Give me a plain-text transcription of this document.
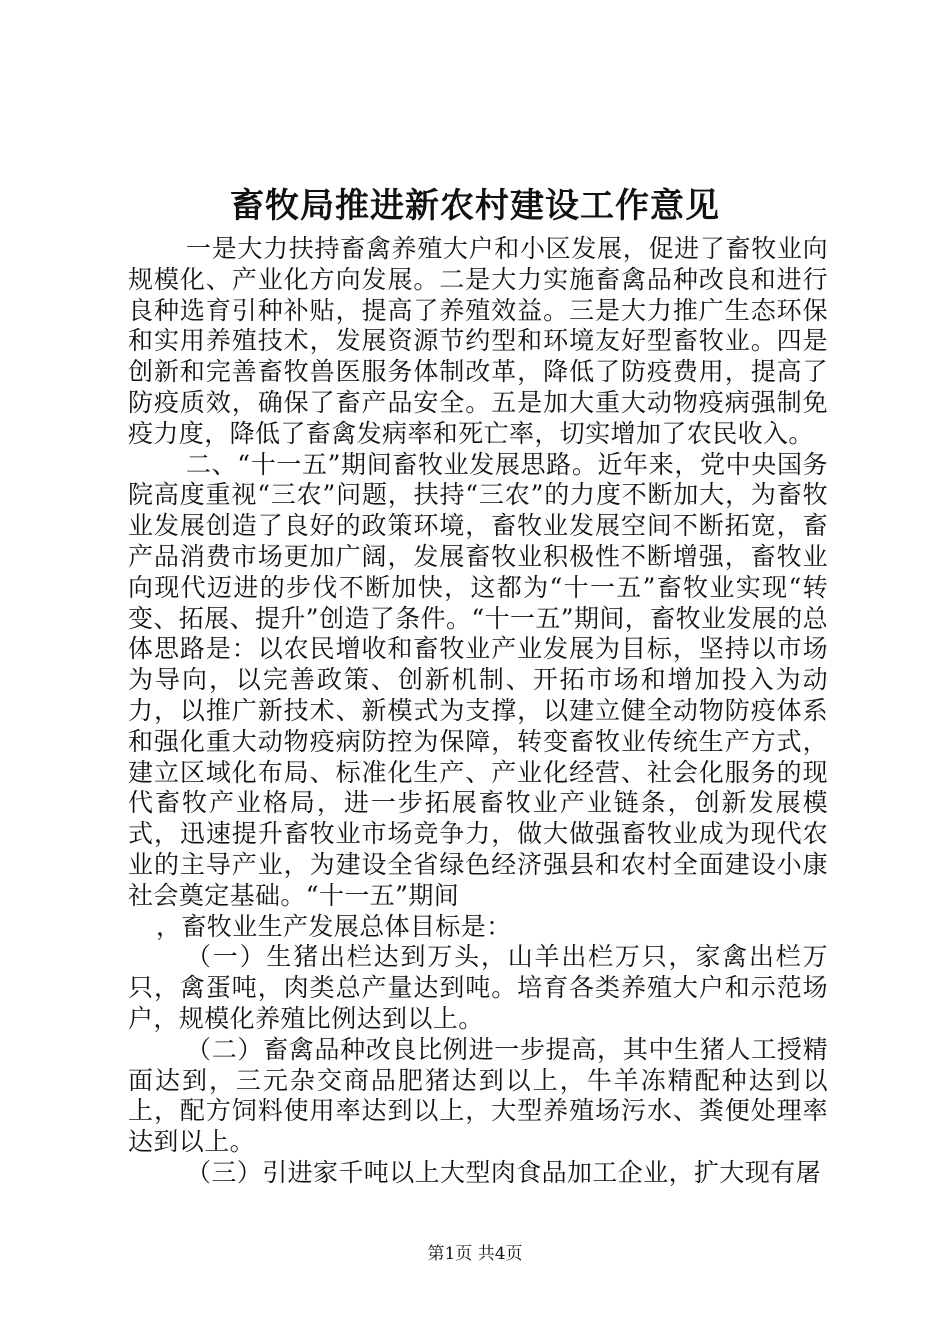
畜牧局推进新农村建设工作意见

一是大力扶持畜禽养殖大户和小区发展，促进了畜牧业向规模化、产业化方向发展。二是大力实施畜禽品种改良和进行良种选育引种补贴，提高了养殖效益。三是大力推广生态环保和实用养殖技术，发展资源节约型和环境友好型畜牧业。四是创新和完善畜牧兽医服务体制改革，降低了防疫费用，提高了防疫质效，确保了畜产品安全。五是加大重大动物疫病强制免疫力度，降低了畜禽发病率和死亡率，切实增加了农民收入。

二、“十一五”期间畜牧业发展思路。近年来，党中央国务院高度重视“三农”问题，扶持“三农”的力度不断加大，为畜牧业发展创造了良好的政策环境，畜牧业发展空间不断拓宽，畜产品消费市场更加广阔，发展畜牧业积极性不断增强，畜牧业向现代迈进的步伐不断加快，这都为“十一五”畜牧业实现“转变、拓展、提升”创造了条件。“十一五”期间，畜牧业发展的总体思路是：以农民增收和畜牧业产业发展为目标，坚持以市场为导向，以完善政策、创新机制、开拓市场和增加投入为动力，以推广新技术、新模式为支撑，以建立健全动物防疫体系和强化重大动物疫病防控为保障，转变畜牧业传统生产方式，建立区域化布局、标准化生产、产业化经营、社会化服务的现代畜牧产业格局，进一步拓展畜牧业产业链条，创新发展模式，迅速提升畜牧业市场竞争力，做大做强畜牧业成为现代农业的主导产业，为建设全省绿色经济强县和农村全面建设小康社会奠定基础。“十一五”期间

，畜牧业生产发展总体目标是：

（一）生猪出栏达到万头，山羊出栏万只，家禽出栏万只，禽蛋吨，肉类总产量达到吨。培育各类养殖大户和示范场户，规模化养殖比例达到以上。

（二）畜禽品种改良比例进一步提高，其中生猪人工授精面达到，三元杂交商品肥猪达到以上，牛羊冻精配种达到以上，配方饲料使用率达到以上，大型养殖场污水、粪便处理率达到以上。

（三）引进家千吨以上大型肉食品加工企业，扩大现有屠

第1页 共4页
